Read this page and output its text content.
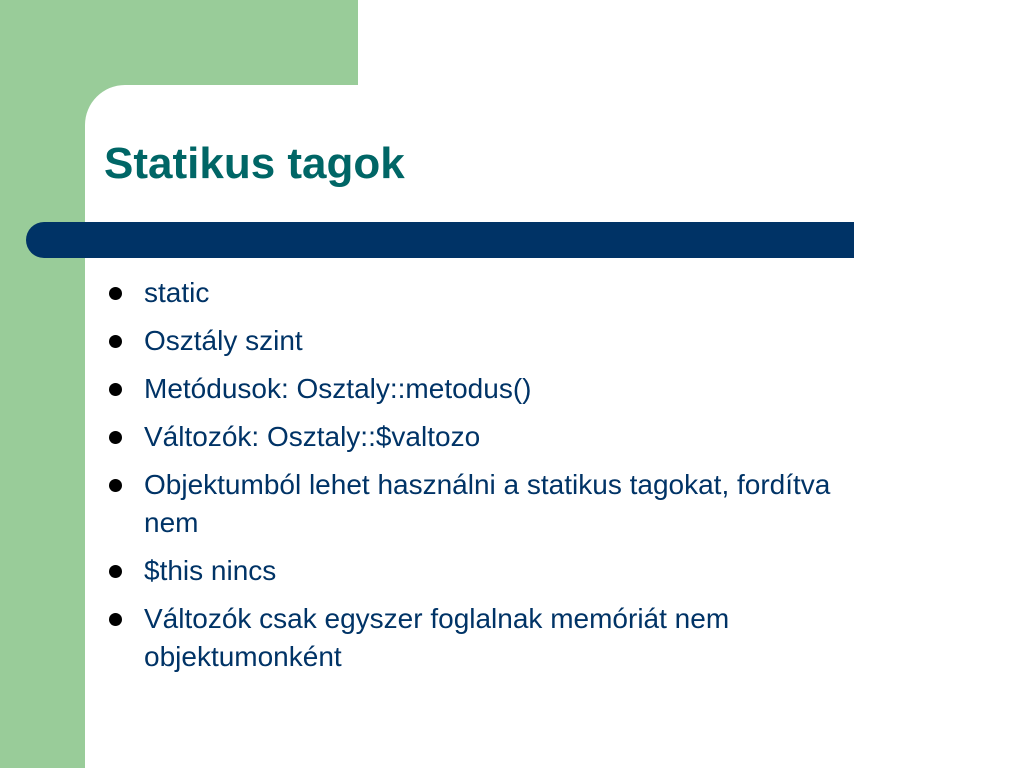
Statikus tagok
static
Osztály szint
Metódusok: Osztaly::metodus()
Változók: Osztaly::$valtozo
Objektumból lehet használni a statikus tagokat, fordítva nem
$this nincs
Változók csak egyszer foglalnak memóriát nem objektumonként
